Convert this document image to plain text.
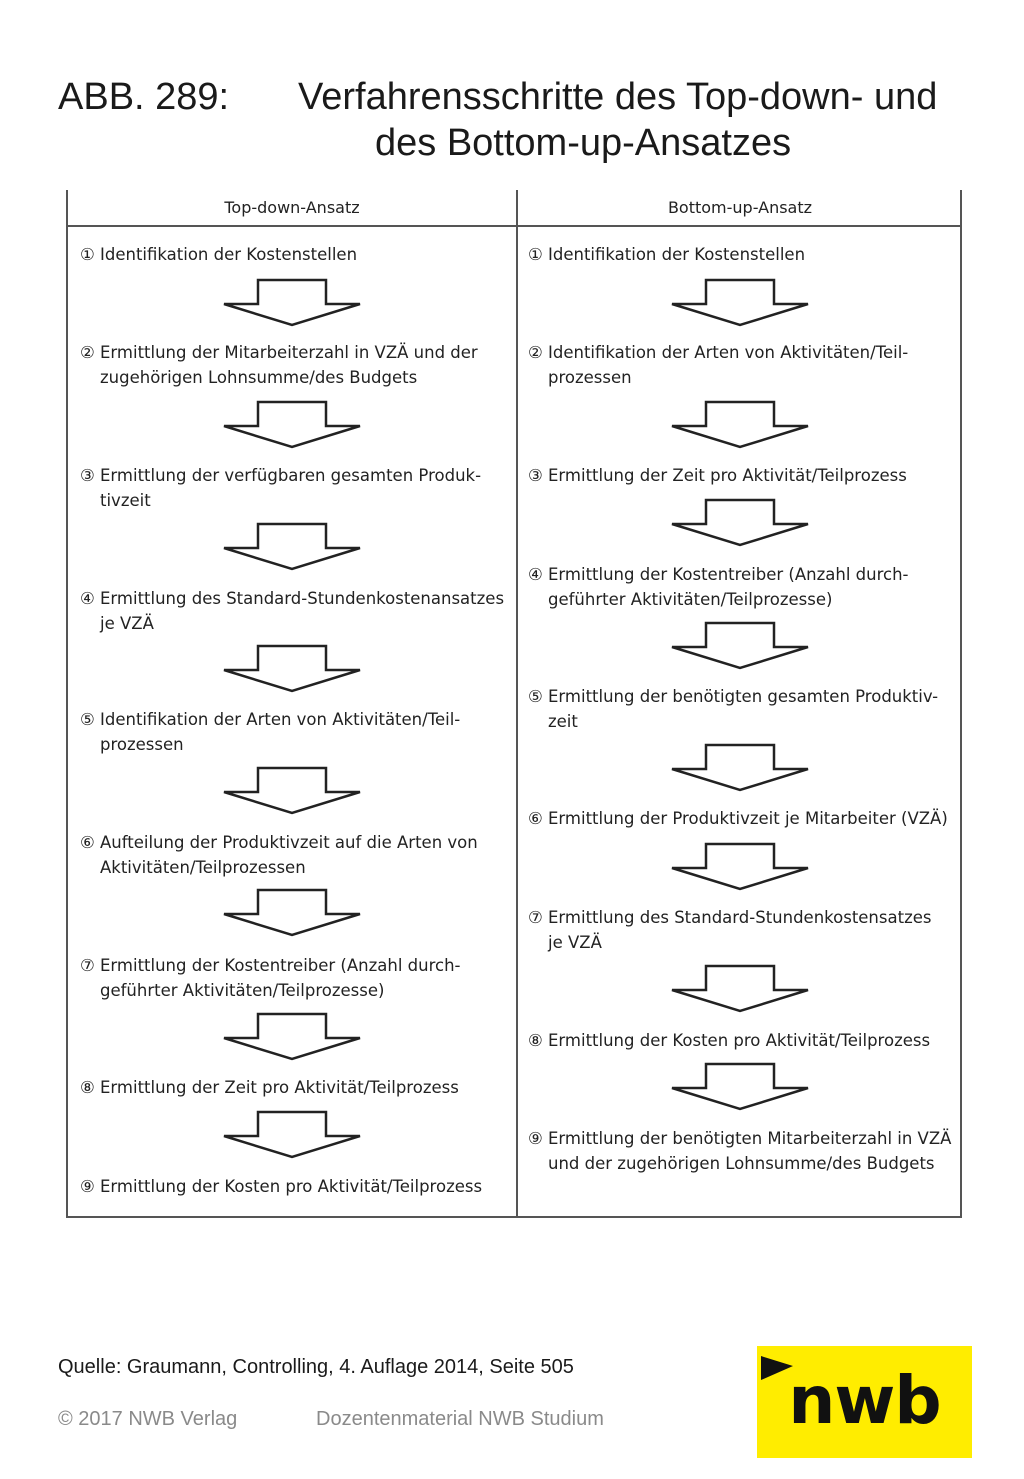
ABB. 289: Verfahrensschritte des Top-down- und
des Bottom-up-Ansatzes
Top-down-Ansatz	Bottom-up-Ansatz
① Identifikation der Kostenstellen
② Ermittlung der Mitarbeiterzahl in VZÄ und der
zugehörigen Lohnsumme/des Budgets
③ Ermittlung der verfügbaren gesamten Produk-
tivzeit
④ Ermittlung des Standard-Stundenkostenansatzes
je VZÄ
⑤ Identifikation der Arten von Aktivitäten/Teil-
prozessen
⑥ Aufteilung der Produktivzeit auf die Arten von
Aktivitäten/Teilprozessen
⑦ Ermittlung der Kostentreiber (Anzahl durch-
geführter Aktivitäten/Teilprozesse)
⑧ Ermittlung der Zeit pro Aktivität/Teilprozess
⑨ Ermittlung der Kosten pro Aktivität/Teilprozess
① Identifikation der Kostenstellen
② Identifikation der Arten von Aktivitäten/Teil-
prozessen
③ Ermittlung der Zeit pro Aktivität/Teilprozess
④ Ermittlung der Kostentreiber (Anzahl durch-
geführter Aktivitäten/Teilprozesse)
⑤ Ermittlung der benötigten gesamten Produktiv-
zeit
⑥ Ermittlung der Produktivzeit je Mitarbeiter (VZÄ)
⑦ Ermittlung des Standard-Stundenkostensatzes
je VZÄ
⑧ Ermittlung der Kosten pro Aktivität/Teilprozess
⑨ Ermittlung der benötigten Mitarbeiterzahl in VZÄ
und der zugehörigen Lohnsumme/des Budgets
Quelle: Graumann, Controlling, 4. Auflage 2014, Seite 505
© 2017 NWB Verlag	Dozentenmaterial NWB Studium	nwb
